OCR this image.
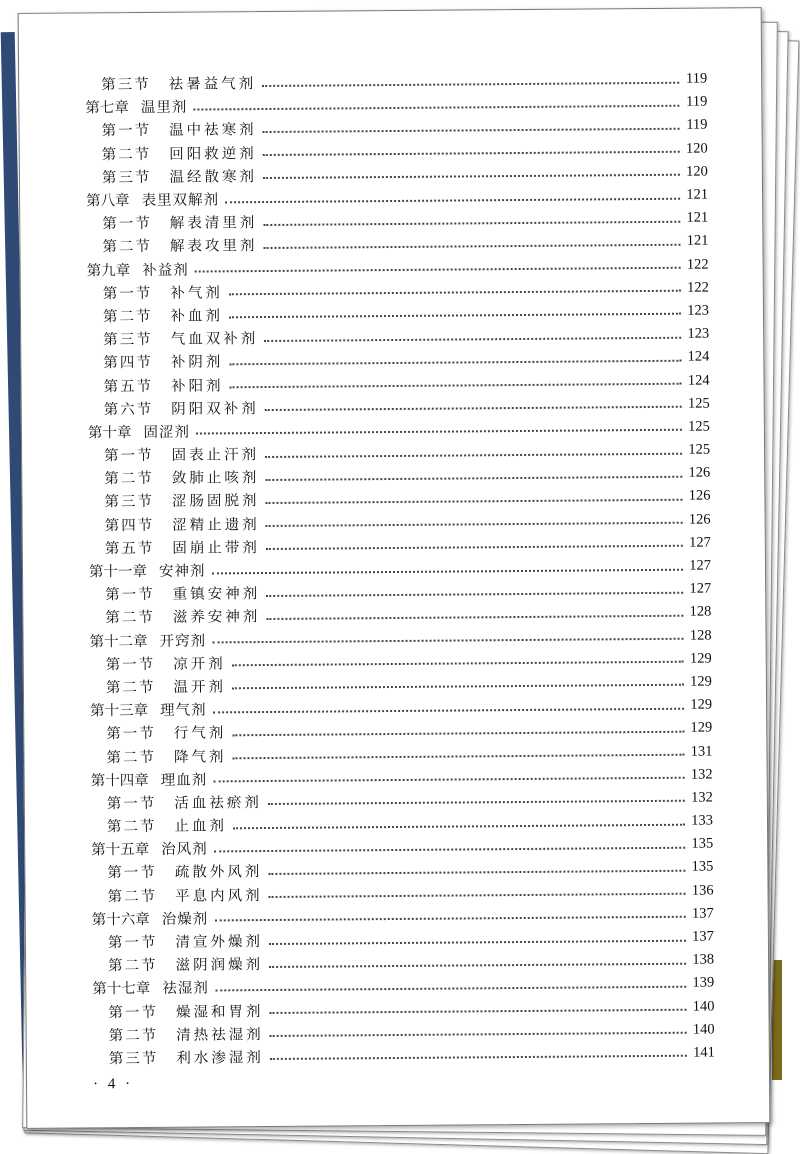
第三节 祛暑益气剂	119
第七章 温里剂	119
第一节 温中祛寒剂	119
第二节 回阳救逆剂	120
第三节 温经散寒剂	120
第八章 表里双解剂	121
第一节 解表清里剂	121
第二节 解表攻里剂	121
第九章 补益剂	122
第一节 补气剂	122
第二节 补血剂	123
第三节 气血双补剂	123
第四节 补阴剂	124
第五节 补阳剂	124
第六节 阴阳双补剂	125
第十章 固涩剂	125
第一节 固表止汗剂	125
第二节 敛肺止咳剂	126
第三节 涩肠固脱剂	126
第四节 涩精止遗剂	126
第五节 固崩止带剂	127
第十一章 安神剂	127
第一节 重镇安神剂	127
第二节 滋养安神剂	128
第十二章 开窍剂	128
第一节 凉开剂	129
第二节 温开剂	129
第十三章 理气剂	129
第一节 行气剂	129
第二节 降气剂	131
第十四章 理血剂	132
第一节 活血祛瘀剂	132
第二节 止血剂	133
第十五章 治风剂	135
第一节 疏散外风剂	135
第二节 平息内风剂	136
第十六章 治燥剂	137
第一节 清宣外燥剂	137
第二节 滋阴润燥剂	138
第十七章 祛湿剂	139
第一节 燥湿和胃剂	140
第二节 清热祛湿剂	140
第三节 利水渗湿剂	141
· 4 ·
